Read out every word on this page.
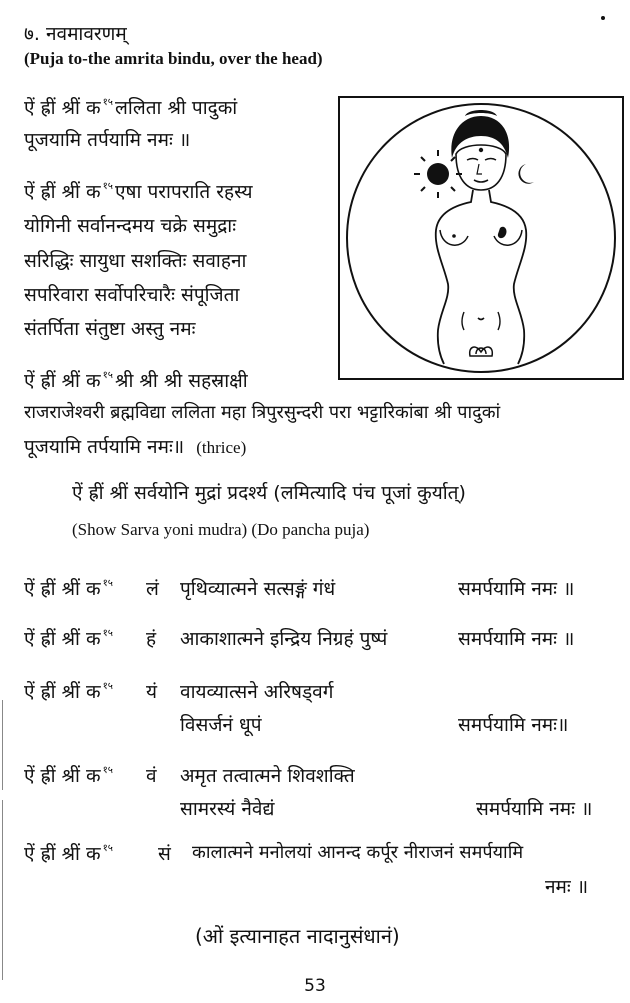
७. नवमावरणम्
(Puja to-the amrita bindu, over the head)
ऐं ह्रीं श्रीं क $^{१५}$ ललिता श्री पादुकां
पूजयामि तर्पयामि नमः ॥
ऐं ह्रीं श्रीं क $^{१५}$ एषा परापराति रहस्य
योगिनी सर्वानन्दमय चक्रे समुद्राः
सरिद्धिः सायुधा सशक्तिः सवाहना
सपरिवारा सर्वोपरिचारैः संपूजिता
संतर्पिता संतुष्टा अस्तु नमः
ऐं ह्रीं श्रीं क $^{१५}$ श्री श्री श्री सहस्राक्षी
राजराजेश्वरी ब्रह्मविद्या ललिता महा त्रिपुरसुन्दरी परा भट्टारिकांबा श्री पादुकां
पूजयामि तर्पयामि नमः॥ (thrice)
ऐं ह्रीं श्रीं सर्वयोनि मुद्रां प्रदर्श्य (लमित्यादि पंच पूजां कुर्यात्)
(Show Sarva yoni mudra) (Do pancha puja)
ऐं ह्रीं श्रीं क $^{१५}$ लं पृथिव्यात्मने सत्सङ्गं गंधं	समर्पयामि नमः ॥
ऐं ह्रीं श्रीं क $^{१५}$ हं आकाशात्मने इन्द्रिय निग्रहं पुष्पं	समर्पयामि नमः ॥
ऐं ह्रीं श्रीं क $^{१५}$ यं वायव्यात्सने अरिषड्वर्ग
विसर्जनं धूपं	समर्पयामि नमः॥
ऐं ह्रीं श्रीं क $^{१५}$ वं अमृत तत्वात्मने शिवशक्ति
सामरस्यं नैवेद्यं	समर्पयामि नमः ॥
ऐं ह्रीं श्रीं क $^{१५}$ सं कालात्मने मनोलयां आनन्द कर्पूर नीराजनं समर्पयामि
नमः ॥
(ओं इत्यानाहत नादानुसंधानं)
53
